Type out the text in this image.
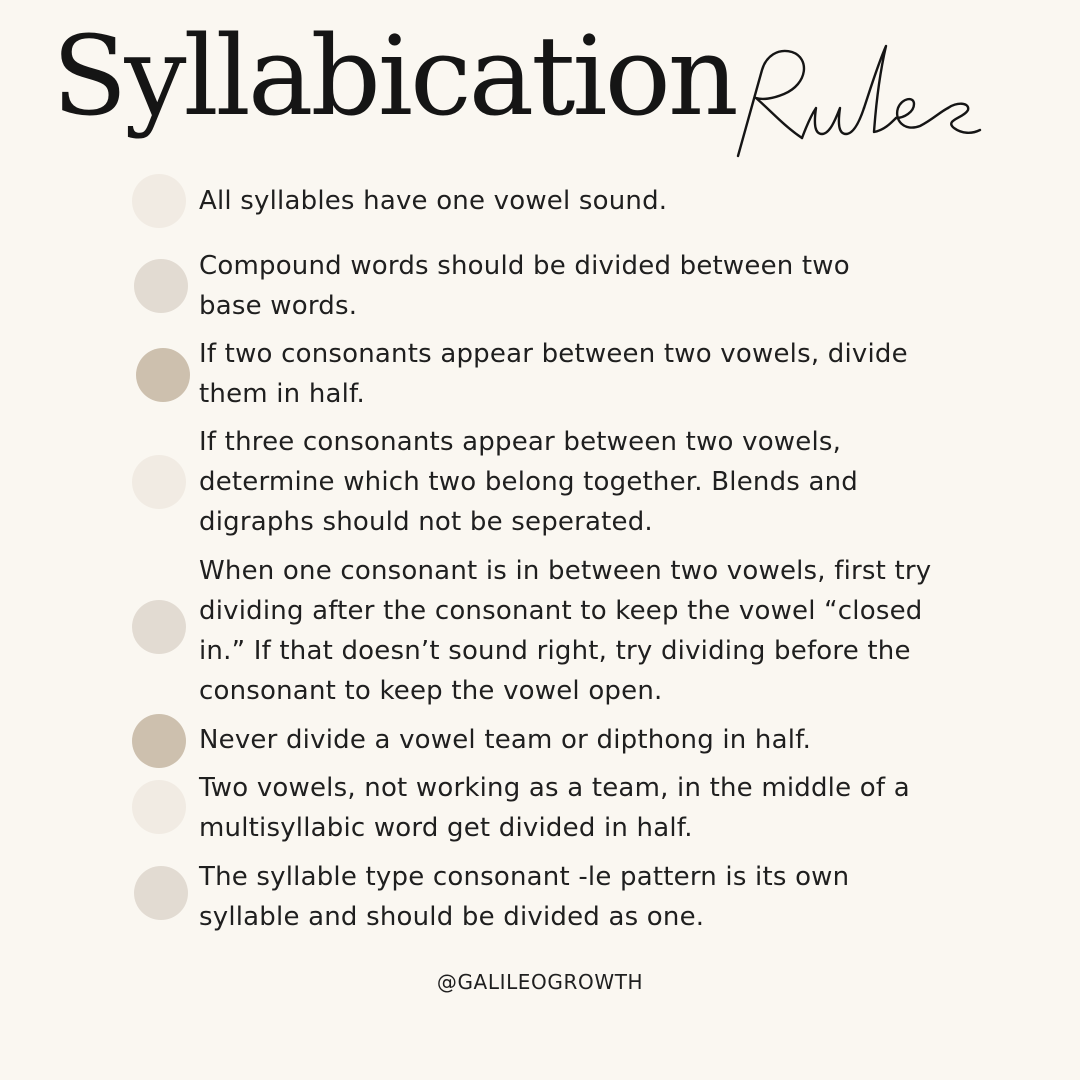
Syllabication

All syllables have one vowel sound.

Compound words should be divided between two
base words.

If two consonants appear between two vowels, divide
them in half.

If three consonants appear between two vowels,
determine which two belong together. Blends and
digraphs should not be seperated.

When one consonant is in between two vowels, first try
dividing after the consonant to keep the vowel “closed
in.” If that doesn’t sound right, try dividing before the
consonant to keep the vowel open.

Never divide a vowel team or dipthong in half.

Two vowels, not working as a team, in the middle of a
multisyllabic word get divided in half.

The syllable type consonant -le pattern is its own
syllable and should be divided as one.

@GALILEOGROWTH
